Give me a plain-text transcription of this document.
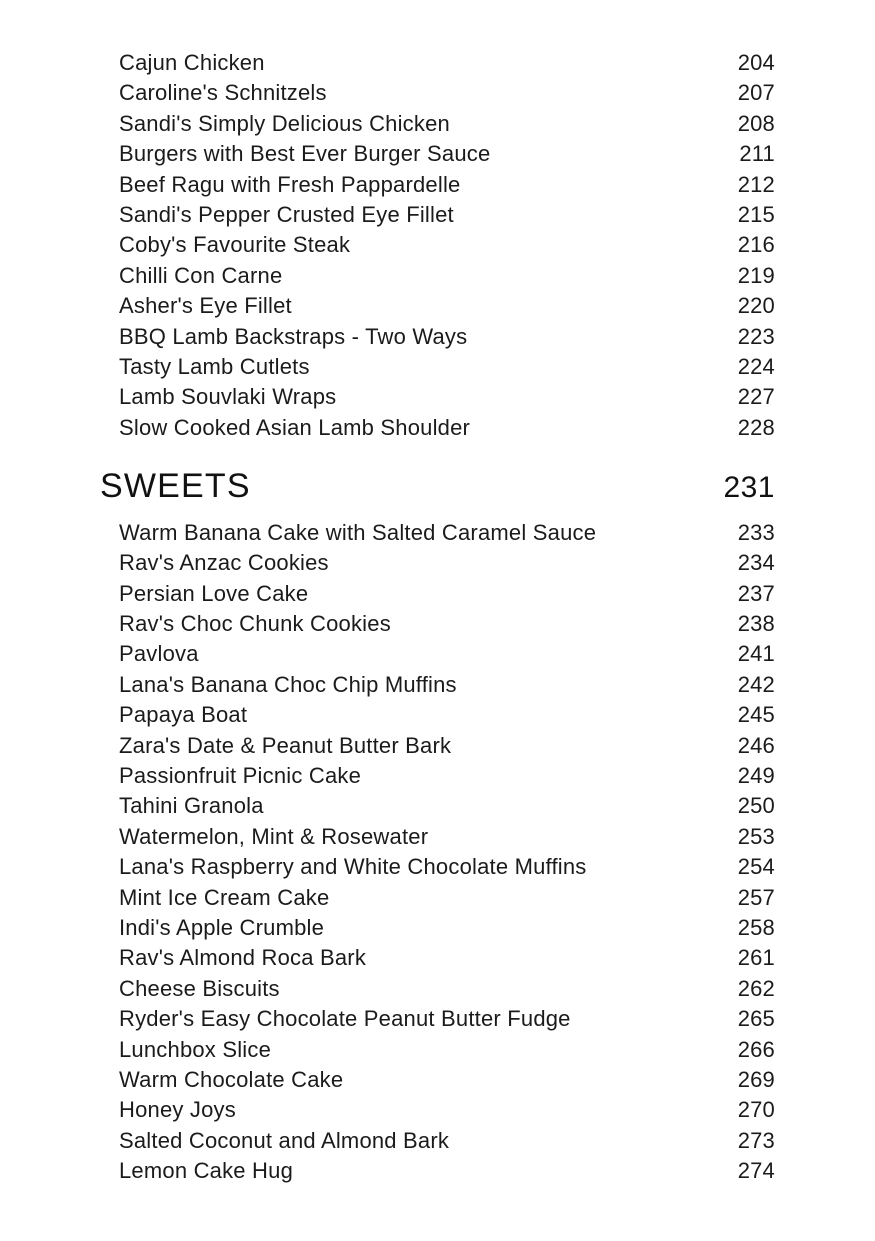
Cajun Chicken	204
Caroline's Schnitzels	207
Sandi's Simply Delicious Chicken	208
Burgers with Best Ever Burger Sauce	211
Beef Ragu with Fresh Pappardelle	212
Sandi's Pepper Crusted Eye Fillet	215
Coby's Favourite Steak	216
Chilli Con Carne	219
Asher's Eye Fillet	220
BBQ Lamb Backstraps - Two Ways	223
Tasty Lamb Cutlets	224
Lamb Souvlaki Wraps	227
Slow Cooked Asian Lamb Shoulder	228
SWEETS	231
Warm Banana Cake with Salted Caramel Sauce	233
Rav's Anzac Cookies	234
Persian Love Cake	237
Rav's Choc Chunk Cookies	238
Pavlova	241
Lana's Banana Choc Chip Muffins	242
Papaya Boat	245
Zara's Date & Peanut Butter Bark	246
Passionfruit Picnic Cake	249
Tahini Granola	250
Watermelon, Mint & Rosewater	253
Lana's Raspberry and White Chocolate Muffins	254
Mint Ice Cream Cake	257
Indi's Apple Crumble	258
Rav's Almond Roca Bark	261
Cheese Biscuits	262
Ryder's Easy Chocolate Peanut Butter Fudge	265
Lunchbox Slice	266
Warm Chocolate Cake	269
Honey Joys	270
Salted Coconut and Almond Bark	273
Lemon Cake Hug	274
